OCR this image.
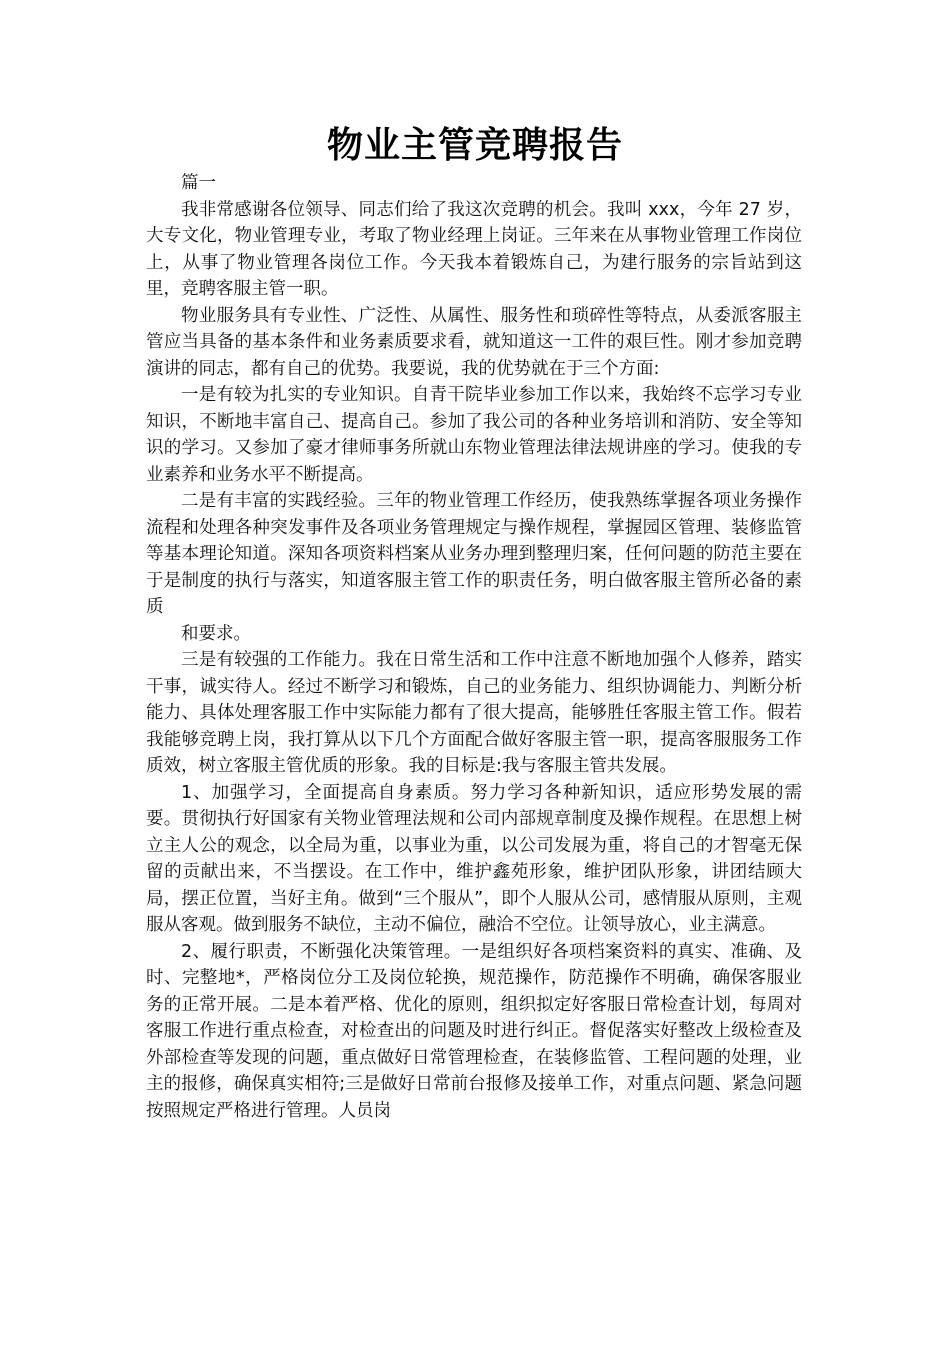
物业主管竞聘报告

篇一

我非常感谢各位领导、同志们给了我这次竞聘的机会。我叫 xxx，今年 27 岁，大专文化，物业管理专业，考取了物业经理上岗证。三年来在从事物业管理工作岗位上，从事了物业管理各岗位工作。今天我本着锻炼自己，为建行服务的宗旨站到这里，竞聘客服主管一职。

物业服务具有专业性、广泛性、从属性、服务性和琐碎性等特点，从委派客服主管应当具备的基本条件和业务素质要求看，就知道这一工件的艰巨性。刚才参加竞聘演讲的同志，都有自己的优势。我要说，我的优势就在于三个方面:

一是有较为扎实的专业知识。自青干院毕业参加工作以来，我始终不忘学习专业知识，不断地丰富自己、提高自己。参加了我公司的各种业务培训和消防、安全等知识的学习。又参加了豪才律师事务所就山东物业管理法律法规讲座的学习。使我的专业素养和业务水平不断提高。

二是有丰富的实践经验。三年的物业管理工作经历，使我熟练掌握各项业务操作流程和处理各种突发事件及各项业务管理规定与操作规程，掌握园区管理、装修监管等基本理论知道。深知各项资料档案从业务办理到整理归案，任何问题的防范主要在于是制度的执行与落实，知道客服主管工作的职责任务，明白做客服主管所必备的素质

和要求。

三是有较强的工作能力。我在日常生活和工作中注意不断地加强个人修养，踏实干事，诚实待人。经过不断学习和锻炼，自己的业务能力、组织协调能力、判断分析能力、具体处理客服工作中实际能力都有了很大提高，能够胜任客服主管工作。假若我能够竞聘上岗，我打算从以下几个方面配合做好客服主管一职，提高客服服务工作质效，树立客服主管优质的形象。我的目标是:我与客服主管共发展。

1、加强学习，全面提高自身素质。努力学习各种新知识，适应形势发展的需要。贯彻执行好国家有关物业管理法规和公司内部规章制度及操作规程。在思想上树立主人公的观念，以全局为重，以事业为重，以公司发展为重，将自己的才智毫无保留的贡献出来，不当摆设。在工作中，维护鑫苑形象，维护团队形象，讲团结顾大局，摆正位置，当好主角。做到“三个服从”，即个人服从公司，感情服从原则，主观服从客观。做到服务不缺位，主动不偏位，融洽不空位。让领导放心，业主满意。

2、履行职责，不断强化决策管理。一是组织好各项档案资料的真实、准确、及时、完整地*，严格岗位分工及岗位轮换，规范操作，防范操作不明确，确保客服业务的正常开展。二是本着严格、优化的原则，组织拟定好客服日常检查计划，每周对客服工作进行重点检查，对检查出的问题及时进行纠正。督促落实好整改上级检查及外部检查等发现的问题，重点做好日常管理检查，在装修监管、工程问题的处理，业主的报修，确保真实相符;三是做好日常前台报修及接单工作，对重点问题、紧急问题按照规定严格进行管理。人员岗
